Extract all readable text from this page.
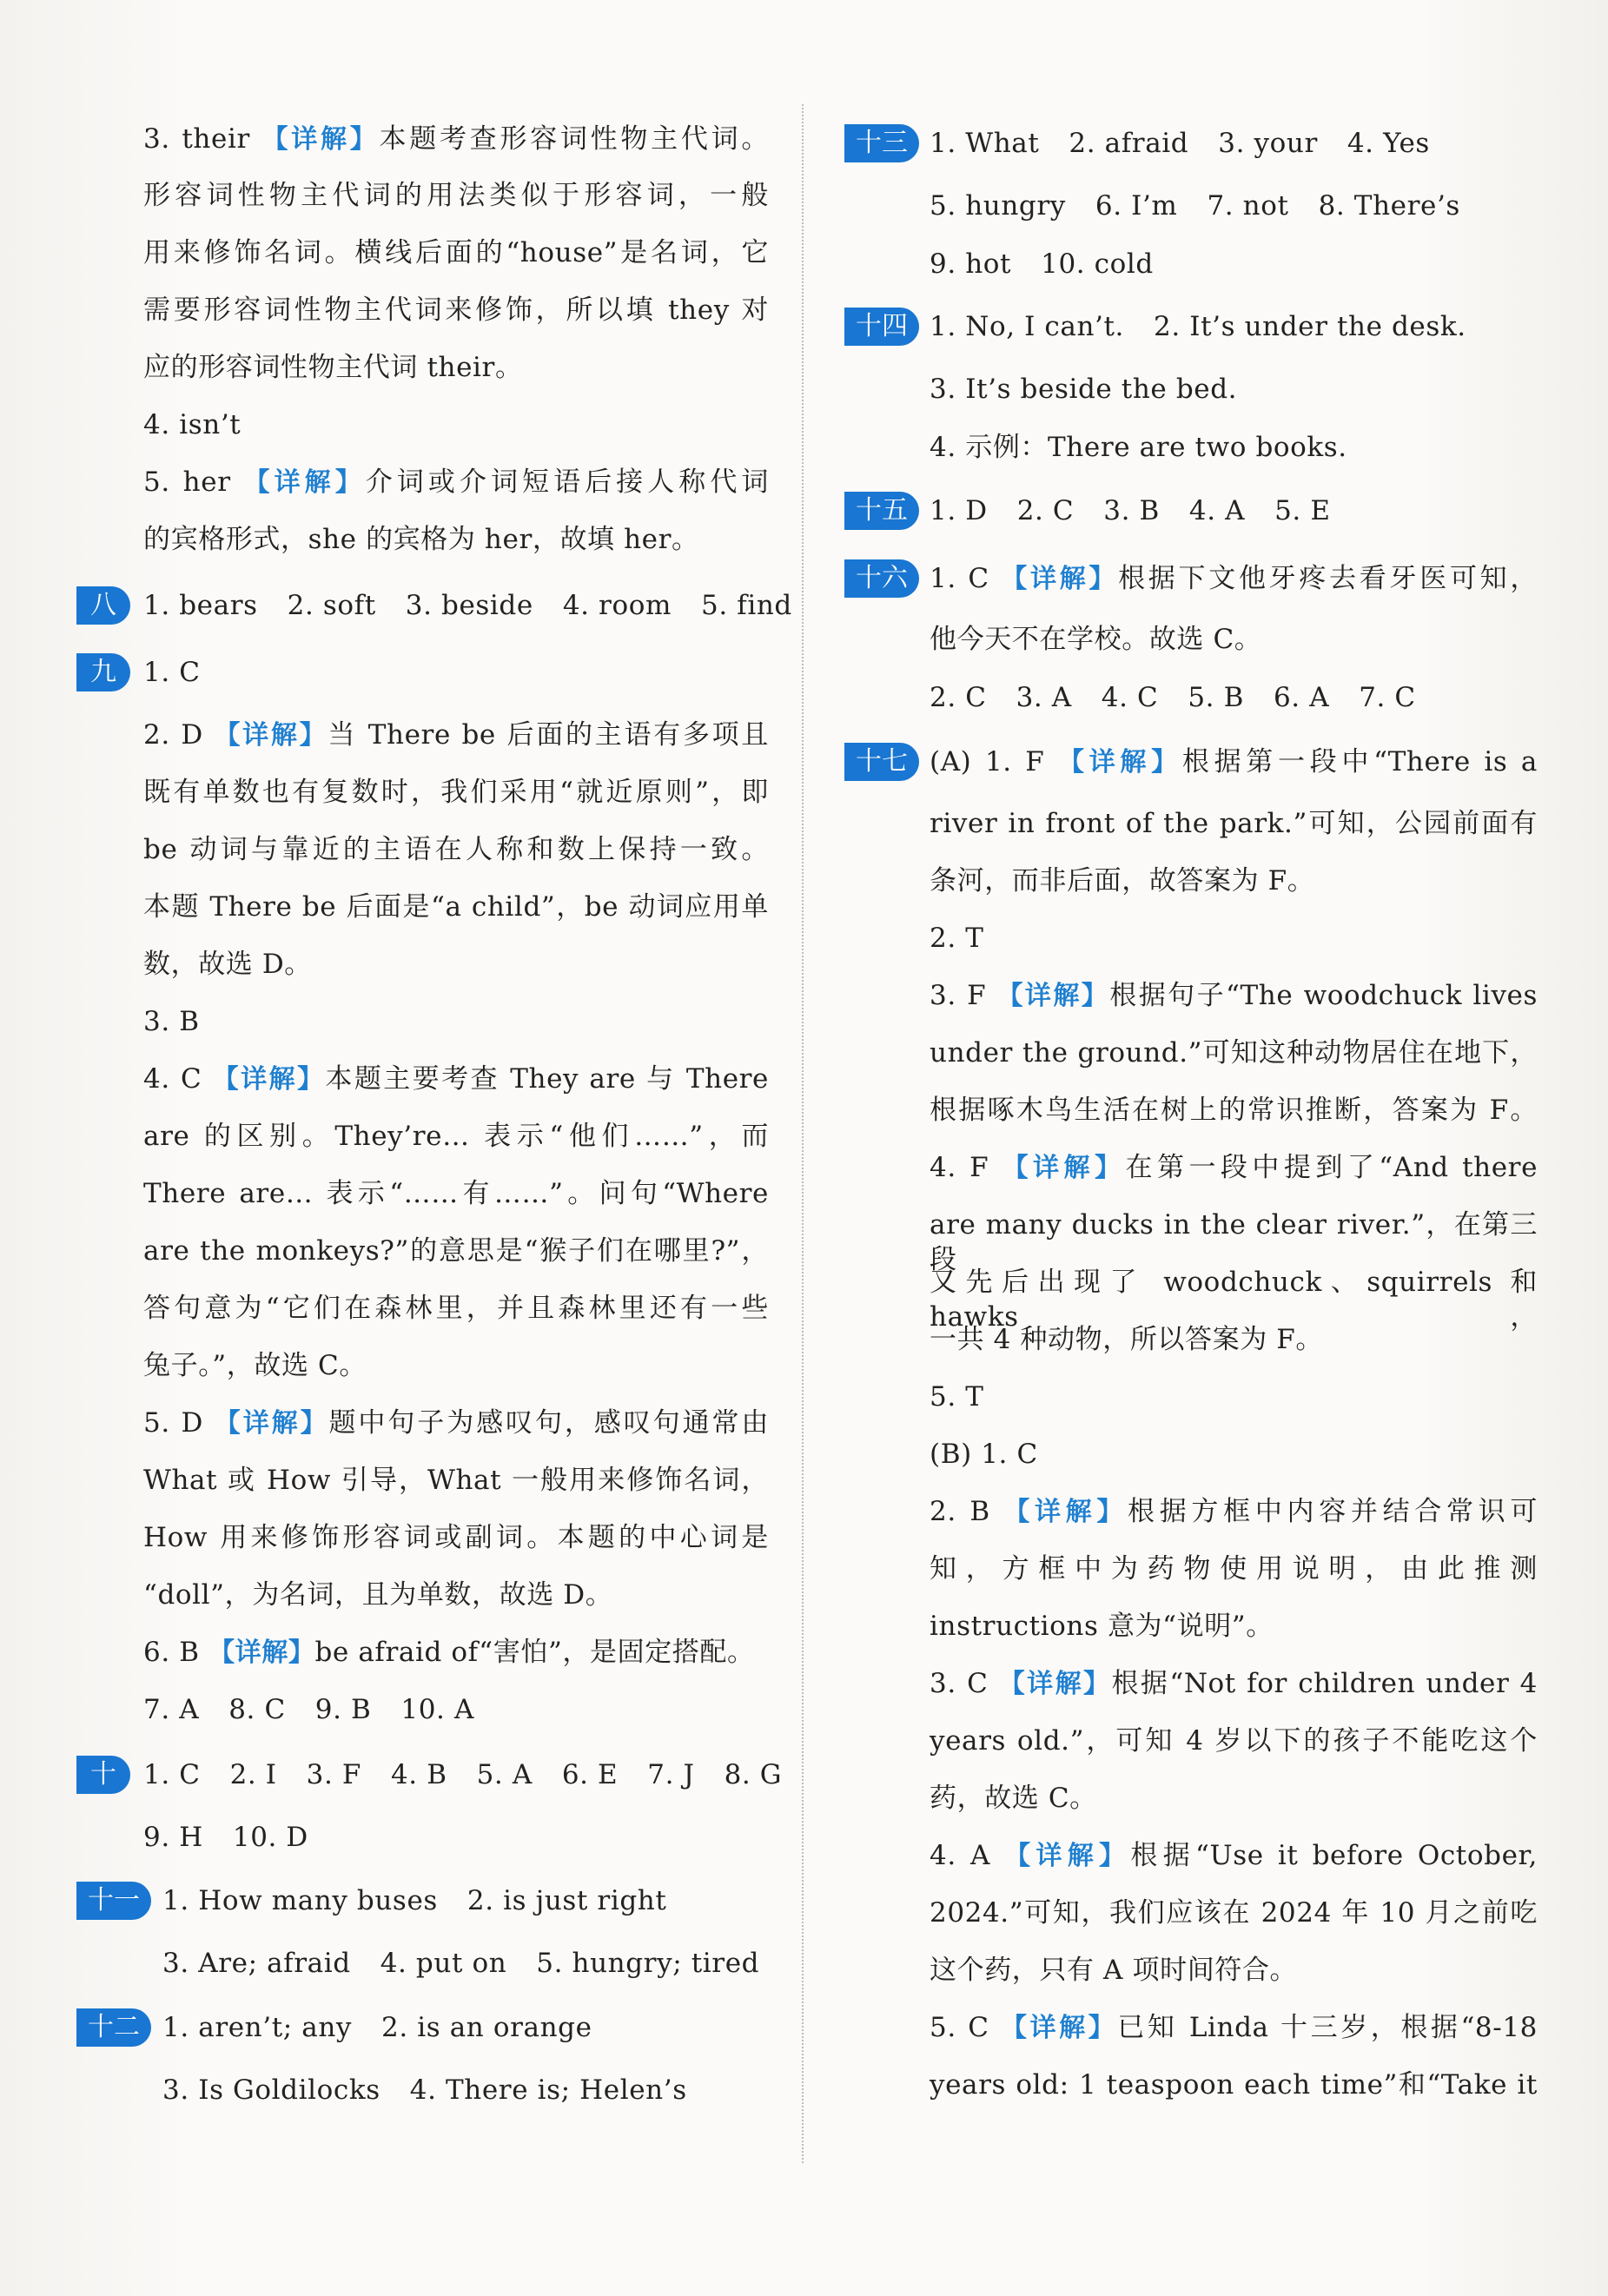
3. their 【详解】本题考查形容词性物主代词。
形容词性物主代词的用法类似于形容词，一般
用来修饰名词。横线后面的“house”是名词，它
需要形容词性物主代词来修饰，所以填 they 对
应的形容词性物主代词 their。
4. isn’t
5. her 【详解】介词或介词短语后接人称代词
的宾格形式，she 的宾格为 her，故填 her。
1. bears 2. soft 3. beside 4. room 5. find
1. C
2. D 【详解】当 There be 后面的主语有多项且
既有单数也有复数时，我们采用“就近原则”，即
be 动词与靠近的主语在人称和数上保持一致。
本题 There be 后面是“a child”，be 动词应用单
数，故选 D。
3. B
4. C 【详解】本题主要考查 They are 与 There
are 的区别。They’re… 表示“他们……”，而
There are… 表示“……有……”。问句“Where
are the monkeys?”的意思是“猴子们在哪里?”，
答句意为“它们在森林里，并且森林里还有一些
兔子。”，故选 C。
5. D 【详解】题中句子为感叹句，感叹句通常由
What 或 How 引导，What 一般用来修饰名词，
How 用来修饰形容词或副词。本题的中心词是
“doll”，为名词，且为单数，故选 D。
6. B 【详解】be afraid of“害怕”，是固定搭配。
7. A 8. C 9. B 10. A
1. C 2. I 3. F 4. B 5. A 6. E 7. J 8. G
9. H 10. D
1. How many buses 2. is just right
3. Are; afraid 4. put on 5. hungry; tired
1. aren’t; any 2. is an orange
3. Is Goldilocks 4. There is; Helen’s
八
九
十
十一
十二
1. What 2. afraid 3. your 4. Yes
5. hungry 6. I’m 7. not 8. There’s
9. hot 10. cold
1. No, I can’t. 2. It’s under the desk.
3. It’s beside the bed.
4. 示例：There are two books.
1. D 2. C 3. B 4. A 5. E
1. C 【详解】根据下文他牙疼去看牙医可知，
他今天不在学校。故选 C。
2. C 3. A 4. C 5. B 6. A 7. C
(A) 1. F 【详解】根据第一段中“There is a
river in front of the park.”可知，公园前面有
条河，而非后面，故答案为 F。
2. T
3. F 【详解】根据句子“The woodchuck lives
under the ground.”可知这种动物居住在地下，
根据啄木鸟生活在树上的常识推断，答案为 F。
4. F 【详解】在第一段中提到了“And there
are many ducks in the clear river.”，在第三段
又先后出现了 woodchuck、squirrels 和 hawks，
一共 4 种动物，所以答案为 F。
5. T
(B) 1. C
2. B 【详解】根据方框中内容并结合常识可
知，方框中为药物使用说明，由此推测
instructions 意为“说明”。
3. C 【详解】根据“Not for children under 4
years old.”，可知 4 岁以下的孩子不能吃这个
药，故选 C。
4. A 【详解】根据“Use it before October,
2024.”可知，我们应该在 2024 年 10 月之前吃
这个药，只有 A 项时间符合。
5. C 【详解】已知 Linda 十三岁，根据“8-18
years old: 1 teaspoon each time”和“Take it
十三
十四
十五
十六
十七
